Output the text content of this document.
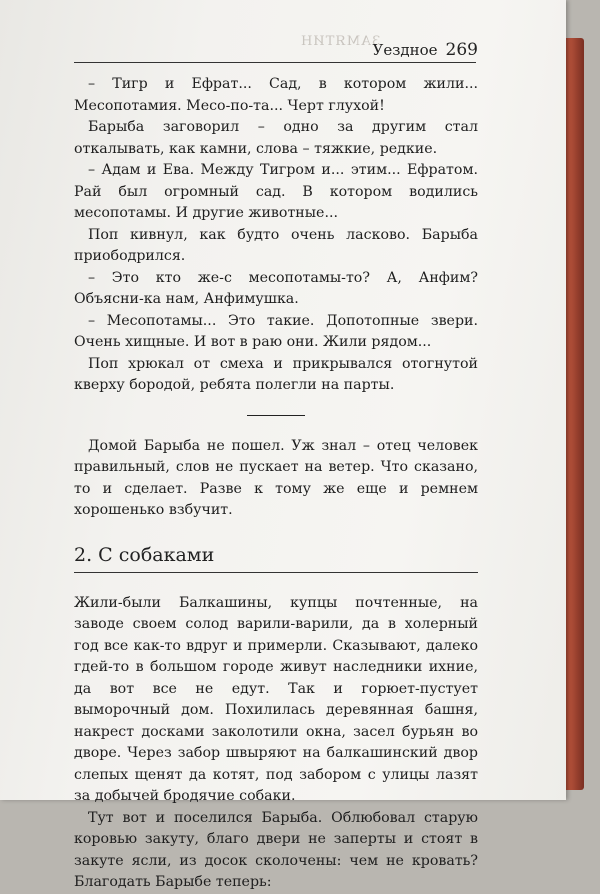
ЗАМЯТИН
Уездное 269

– Тигр и Ефрат... Сад, в котором жили... Месопотамия. Месо-по-та... Черт глухой!

Барыба заговорил – одно за другим стал откалывать, как камни, слова – тяжкие, редкие.

– Адам и Ева. Между Тигром и... этим... Ефратом. Рай был огромный сад. В котором водились месопотамы. И другие животные...

Поп кивнул, как будто очень ласково. Барыба приободрился.

– Это кто же-с месопотамы-то? А, Анфим? Объясни-ка нам, Анфимушка.

– Месопотамы... Это такие. Допотопные звери. Очень хищные. И вот в раю они. Жили рядом...

Поп хрюкал от смеха и прикрывался отогнутой кверху бородой, ребята полегли на парты.

Домой Барыба не пошел. Уж знал – отец человек правильный, слов не пускает на ветер. Что сказано, то и сделает. Разве к тому же еще и ремнем хорошенько взбучит.

2. С собаками

Жили-были Балкашины, купцы почтенные, на заводе своем солод варили-варили, да в холерный год все как-то вдруг и примерли. Сказывают, далеко гдей-то в большом городе живут наследники ихние, да вот все не едут. Так и горюет-пустует выморочный дом. Похилилась деревянная башня, накрест досками заколотили окна, засел бурьян во дворе. Через забор швыряют на балкашинский двор слепых щенят да котят, под забором с улицы лазят за добычей бродячие собаки.

Тут вот и поселился Барыба. Облюбовал старую коровью закуту, благо двери не заперты и стоят в закуте ясли, из досок сколочены: чем не кровать? Благодать Барыбе теперь:
